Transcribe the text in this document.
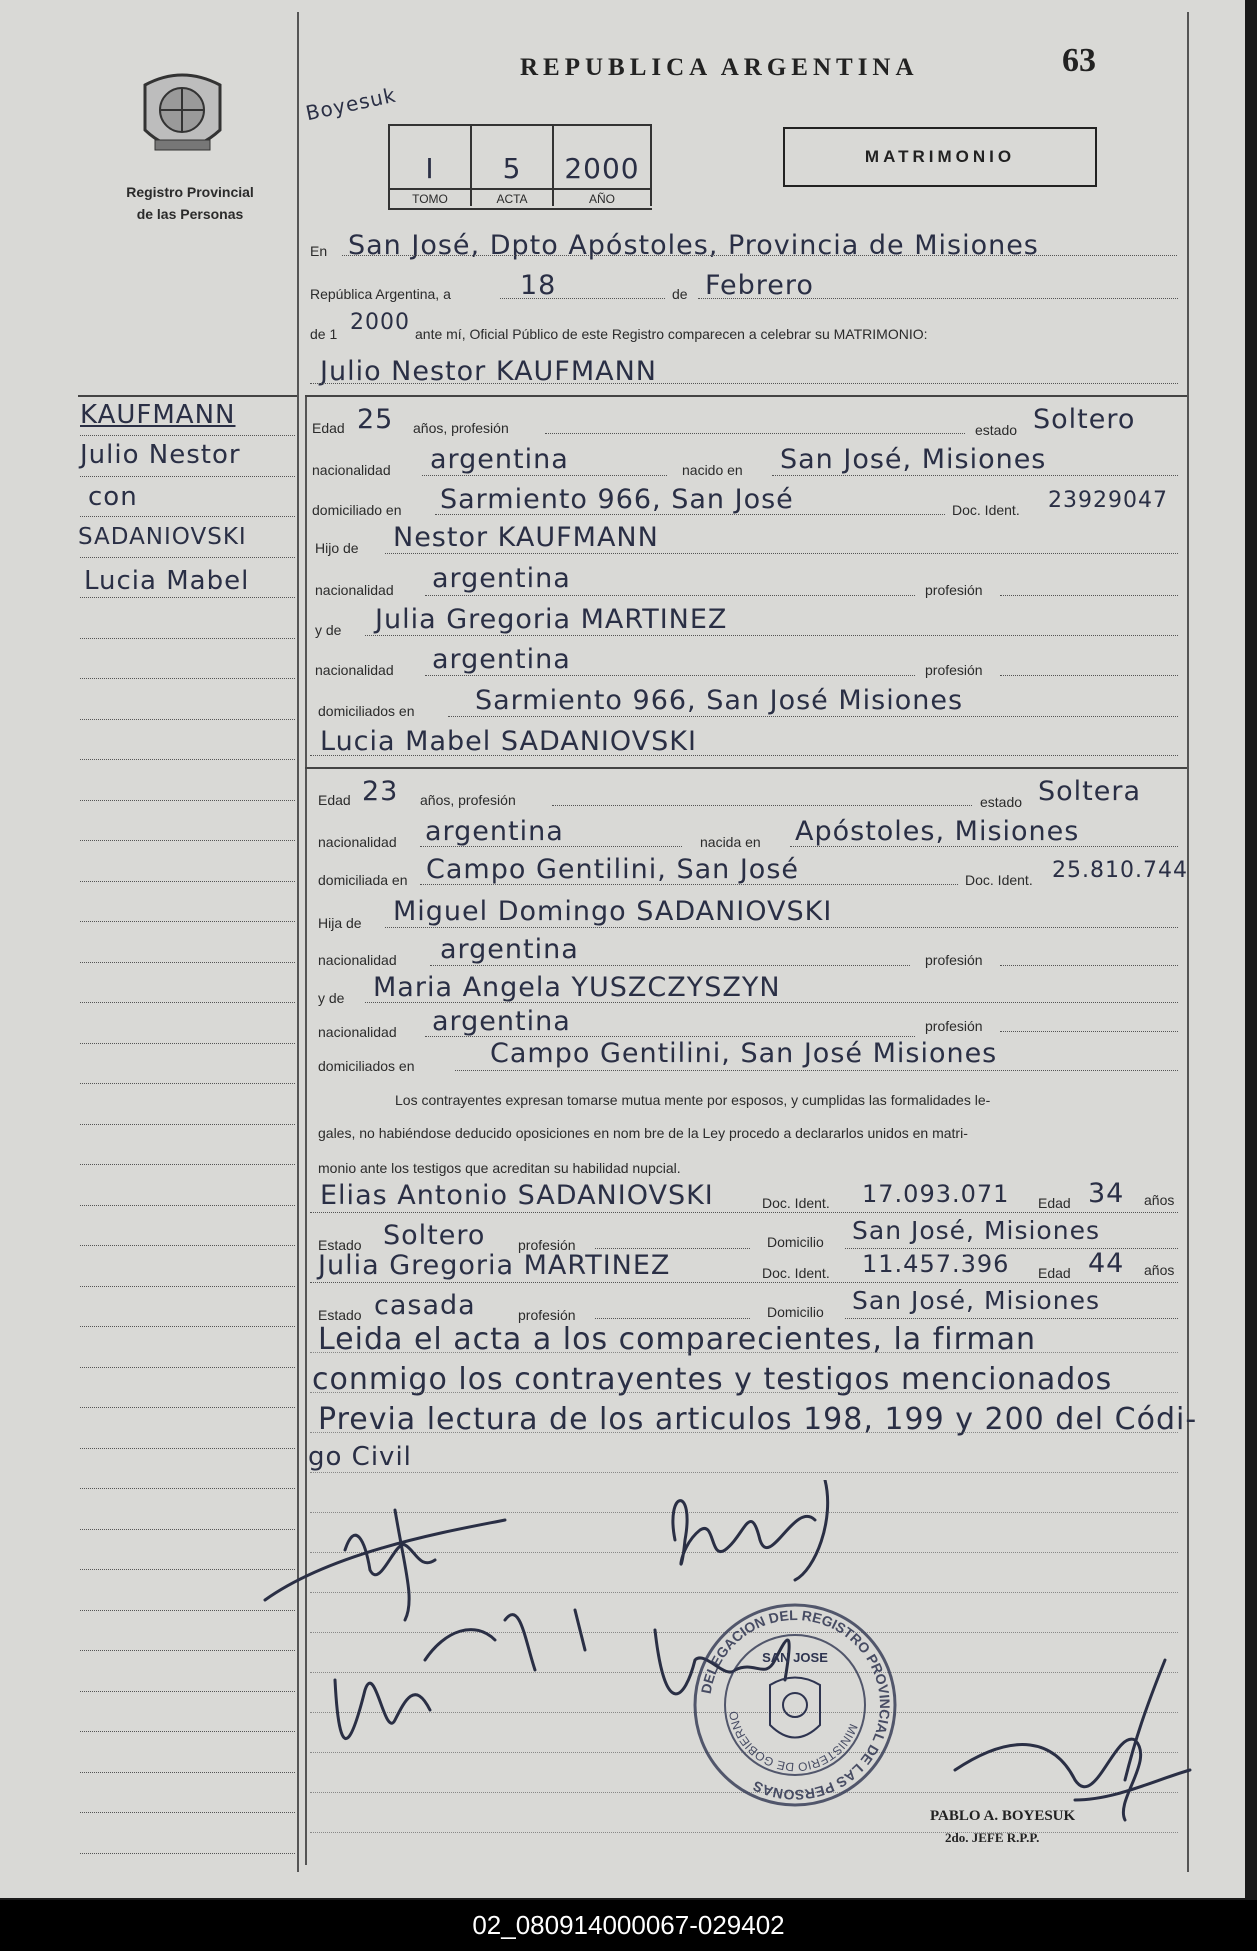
Registro Provincial
de las Personas
REPUBLICA ARGENTINA	63
Boyesuk
I
TOMO
5
ACTA
2000
AÑO
MATRIMONIO
KAUFMANN
Julio Nestor
con
SADANIOVSKI
Lucia Mabel
En San José, Dpto Apóstoles, Provincia de Misiones
República Argentina, a	18	de Febrero
de 1 2000 ante mí, Oficial Público de este Registro comparecen a celebrar su MATRIMONIO:
Julio Nestor KAUFMANN
Edad 25 años, profesión	estado Soltero
nacionalidad argentina	nacido en San José, Misiones
domiciliado en Sarmiento 966, San José	Doc. Ident. 23929047
Hijo de Nestor KAUFMANN
nacionalidad argentina	profesión
y de Julia Gregoria MARTINEZ
nacionalidad argentina	profesión
domiciliados en Sarmiento 966, San José Misiones
Lucia Mabel SADANIOVSKI
Edad 23 años, profesión	estado Soltera
nacionalidad argentina	nacida en Apóstoles, Misiones
domiciliada en Campo Gentilini, San José	Doc. Ident. 25.810.744
Hija de Miguel Domingo SADANIOVSKI
nacionalidad argentina	profesión
y de Maria Angela YUSZCZYSZYN
nacionalidad argentina	profesión
domiciliados en	Campo Gentilini, San José Misiones
Los contrayentes expresan tomarse mutua mente por esposos, y cumplidas las formalidades le-
gales, no habiéndose deducido oposiciones en nom bre de la Ley procedo a declararlos unidos en matri-
monio ante los testigos que acreditan su habilidad nupcial.
Elias Antonio SADANIOVSKI	Doc. Ident. 17.093.071 Edad 34 años
Estado Soltero profesión	Domicilio San José, Misiones
Julia Gregoria MARTINEZ	Doc. Ident. 11.457.396 Edad 44 años
Estado casada	profesión	Domicilio San José, Misiones
Leida el acta a los comparecientes, la firman
conmigo los contrayentes y testigos mencionados
Previa lectura de los articulos 198, 199 y 200 del Códi-
go Civil
DELEGACION DEL REGISTRO PROVINCIAL DE LAS PERSONAS
MINISTERIO DE GOBIERNO
SAN JOSE
PABLO A. BOYESUK
2do. JEFE R.P.P.
02_080914000067-029402
